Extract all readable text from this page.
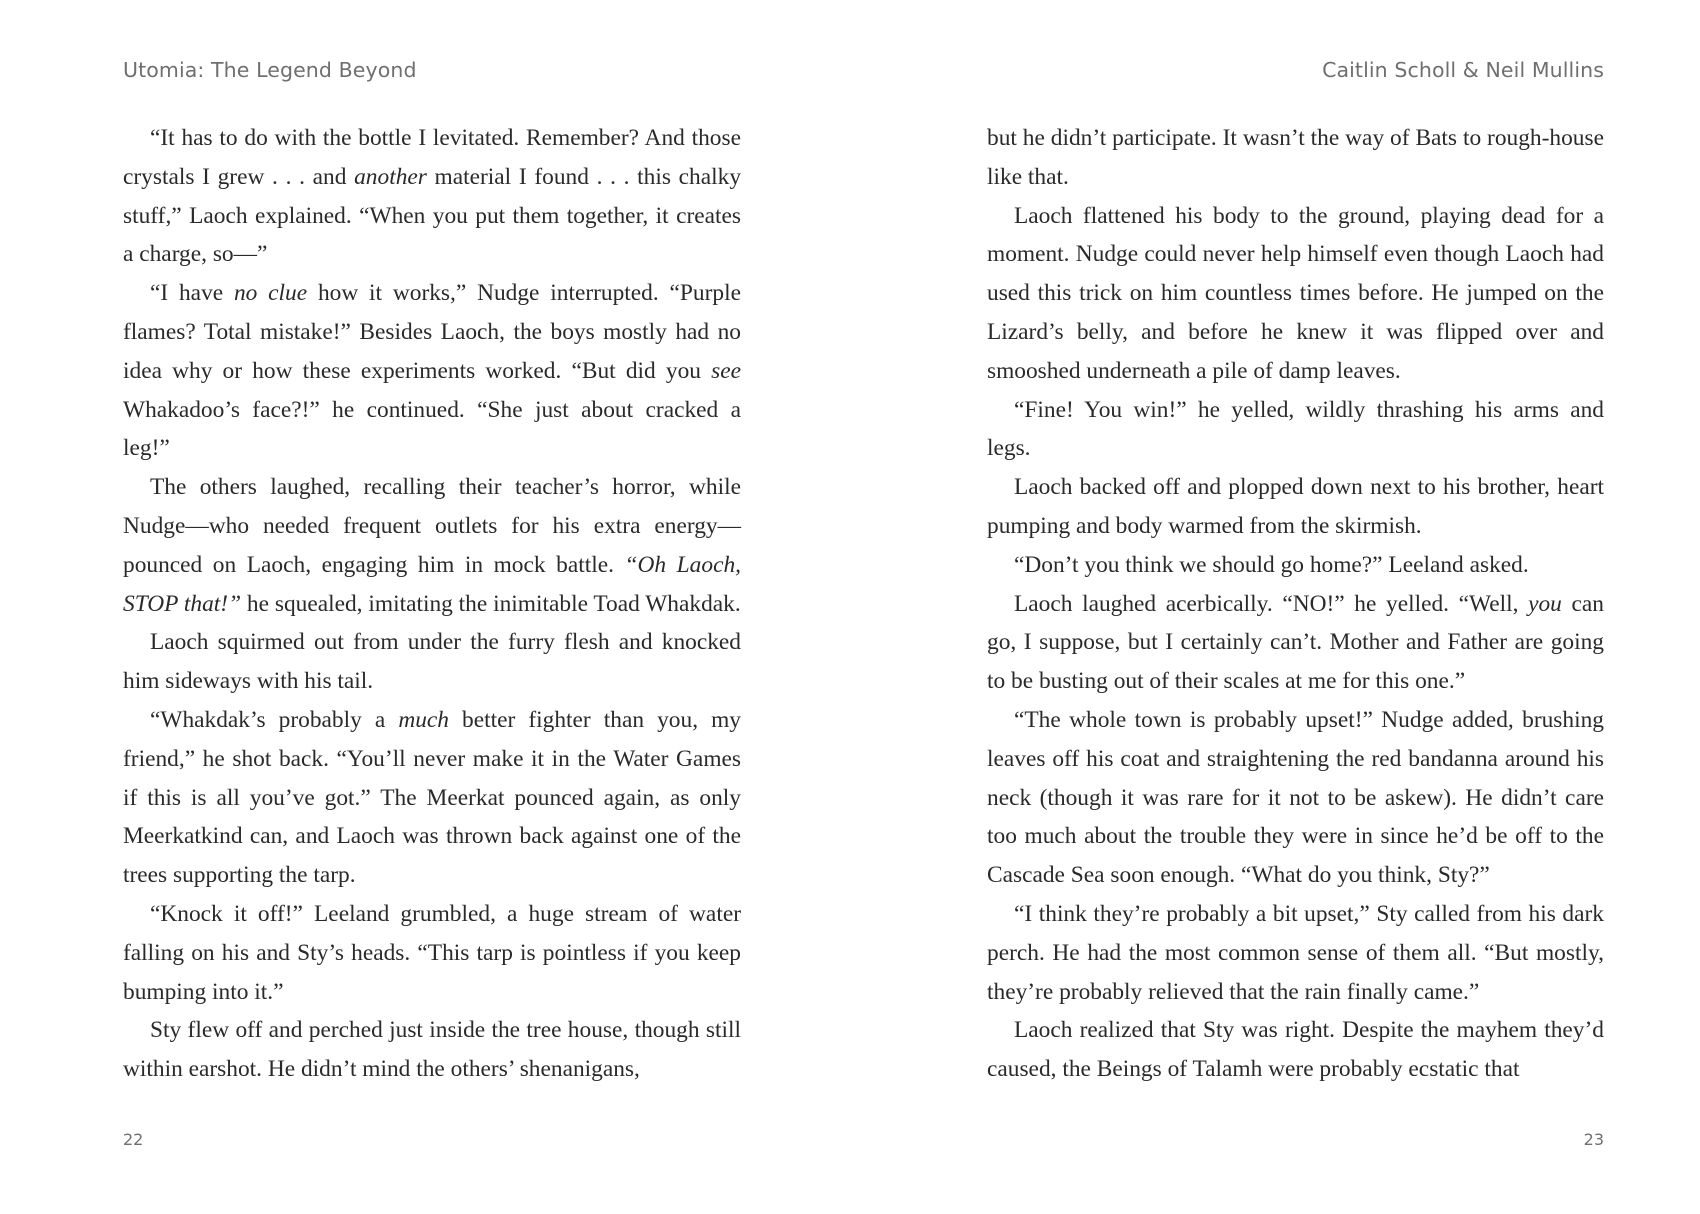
Utomia: The Legend Beyond

“It has to do with the bottle I levitated. Remember? And those crystals I grew . . . and another material I found . . . this chalky stuff,” Laoch explained. “When you put them together, it creates a charge, so—”

“I have no clue how it works,” Nudge interrupted. “Purple flames? Total mistake!” Besides Laoch, the boys mostly had no idea why or how these experiments worked. “But did you see Whakadoo’s face?!” he continued. “She just about cracked a leg!”

The others laughed, recalling their teacher’s horror, while Nudge—who needed frequent outlets for his extra energy—pounced on Laoch, engaging him in mock battle. “Oh Laoch, STOP that!” he squealed, imitating the inimitable Toad Whakdak.

Laoch squirmed out from under the furry flesh and knocked him sideways with his tail.

“Whakdak’s probably a much better fighter than you, my friend,” he shot back. “You’ll never make it in the Water Games if this is all you’ve got.” The Meerkat pounced again, as only Meerkatkind can, and Laoch was thrown back against one of the trees supporting the tarp.

“Knock it off!” Leeland grumbled, a huge stream of water falling on his and Sty’s heads. “This tarp is pointless if you keep bumping into it.”

Sty flew off and perched just inside the tree house, though still within earshot. He didn’t mind the others’ shenanigans,

22
Caitlin Scholl & Neil Mullins

but he didn’t participate. It wasn’t the way of Bats to rough-house like that.

Laoch flattened his body to the ground, playing dead for a moment. Nudge could never help himself even though Laoch had used this trick on him countless times before. He jumped on the Lizard’s belly, and before he knew it was flipped over and smooshed underneath a pile of damp leaves.

“Fine! You win!” he yelled, wildly thrashing his arms and legs.

Laoch backed off and plopped down next to his brother, heart pumping and body warmed from the skirmish.

“Don’t you think we should go home?” Leeland asked.

Laoch laughed acerbically. “NO!” he yelled. “Well, you can go, I suppose, but I certainly can’t. Mother and Father are going to be busting out of their scales at me for this one.”

“The whole town is probably upset!” Nudge added, brushing leaves off his coat and straightening the red bandanna around his neck (though it was rare for it not to be askew). He didn’t care too much about the trouble they were in since he’d be off to the Cascade Sea soon enough. “What do you think, Sty?”

“I think they’re probably a bit upset,” Sty called from his dark perch. He had the most common sense of them all. “But mostly, they’re probably relieved that the rain finally came.”

Laoch realized that Sty was right. Despite the mayhem they’d caused, the Beings of Talamh were probably ecstatic that

23
